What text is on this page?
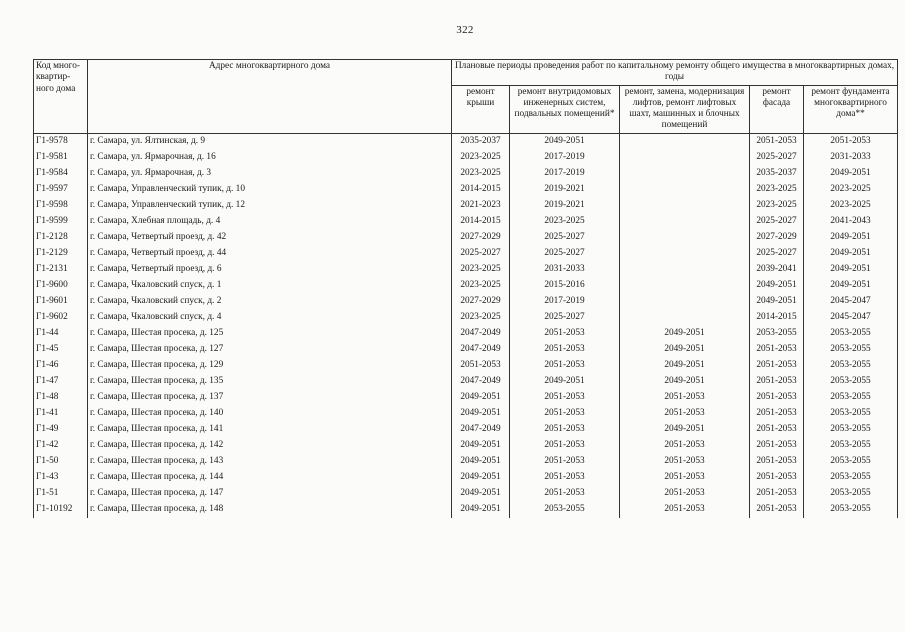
322
Код много-квартир-ного дома	Адрес многоквартирного дома	Плановые периоды проведения работ по капитальному ремонту общего имущества в многоквартирных домах, годы				
		ремонт крыши	ремонт внутридомовых инженерных систем, подвальных помещений*	ремонт, замена, модернизация лифтов, ремонт лифтовых шахт, машинных и блочных помещений	ремонт фасада	ремонт фундамента многоквартирного дома**
Г1-9578	г. Самара, ул. Ялтинская, д. 9	2035-2037	2049-2051		2051-2053	2051-2053
Г1-9581	г. Самара, ул. Ярмарочная, д. 16	2023-2025	2017-2019		2025-2027	2031-2033
Г1-9584	г. Самара, ул. Ярмарочная, д. 3	2023-2025	2017-2019		2035-2037	2049-2051
Г1-9597	г. Самара, Управленческий тупик, д. 10	2014-2015	2019-2021		2023-2025	2023-2025
Г1-9598	г. Самара, Управленческий тупик, д. 12	2021-2023	2019-2021		2023-2025	2023-2025
Г1-9599	г. Самара, Хлебная площадь, д. 4	2014-2015	2023-2025		2025-2027	2041-2043
Г1-2128	г. Самара, Четвертый проезд, д. 42	2027-2029	2025-2027		2027-2029	2049-2051
Г1-2129	г. Самара, Четвертый проезд, д. 44	2025-2027	2025-2027		2025-2027	2049-2051
Г1-2131	г. Самара, Четвертый проезд, д. 6	2023-2025	2031-2033		2039-2041	2049-2051
Г1-9600	г. Самара, Чкаловский спуск, д. 1	2023-2025	2015-2016		2049-2051	2049-2051
Г1-9601	г. Самара, Чкаловский спуск, д. 2	2027-2029	2017-2019		2049-2051	2045-2047
Г1-9602	г. Самара, Чкаловский спуск, д. 4	2023-2025	2025-2027		2014-2015	2045-2047
Г1-44	г. Самара, Шестая просека, д. 125	2047-2049	2051-2053	2049-2051	2053-2055	2053-2055
Г1-45	г. Самара, Шестая просека, д. 127	2047-2049	2051-2053	2049-2051	2051-2053	2053-2055
Г1-46	г. Самара, Шестая просека, д. 129	2051-2053	2051-2053	2049-2051	2051-2053	2053-2055
Г1-47	г. Самара, Шестая просека, д. 135	2047-2049	2049-2051	2049-2051	2051-2053	2053-2055
Г1-48	г. Самара, Шестая просека, д. 137	2049-2051	2051-2053	2051-2053	2051-2053	2053-2055
Г1-41	г. Самара, Шестая просека, д. 140	2049-2051	2051-2053	2051-2053	2051-2053	2053-2055
Г1-49	г. Самара, Шестая просека, д. 141	2047-2049	2051-2053	2049-2051	2051-2053	2053-2055
Г1-42	г. Самара, Шестая просека, д. 142	2049-2051	2051-2053	2051-2053	2051-2053	2053-2055
Г1-50	г. Самара, Шестая просека, д. 143	2049-2051	2051-2053	2051-2053	2051-2053	2053-2055
Г1-43	г. Самара, Шестая просека, д. 144	2049-2051	2051-2053	2051-2053	2051-2053	2053-2055
Г1-51	г. Самара, Шестая просека, д. 147	2049-2051	2051-2053	2051-2053	2051-2053	2053-2055
Г1-10192	г. Самара, Шестая просека, д. 148	2049-2051	2053-2055	2051-2053	2051-2053	2053-2055
